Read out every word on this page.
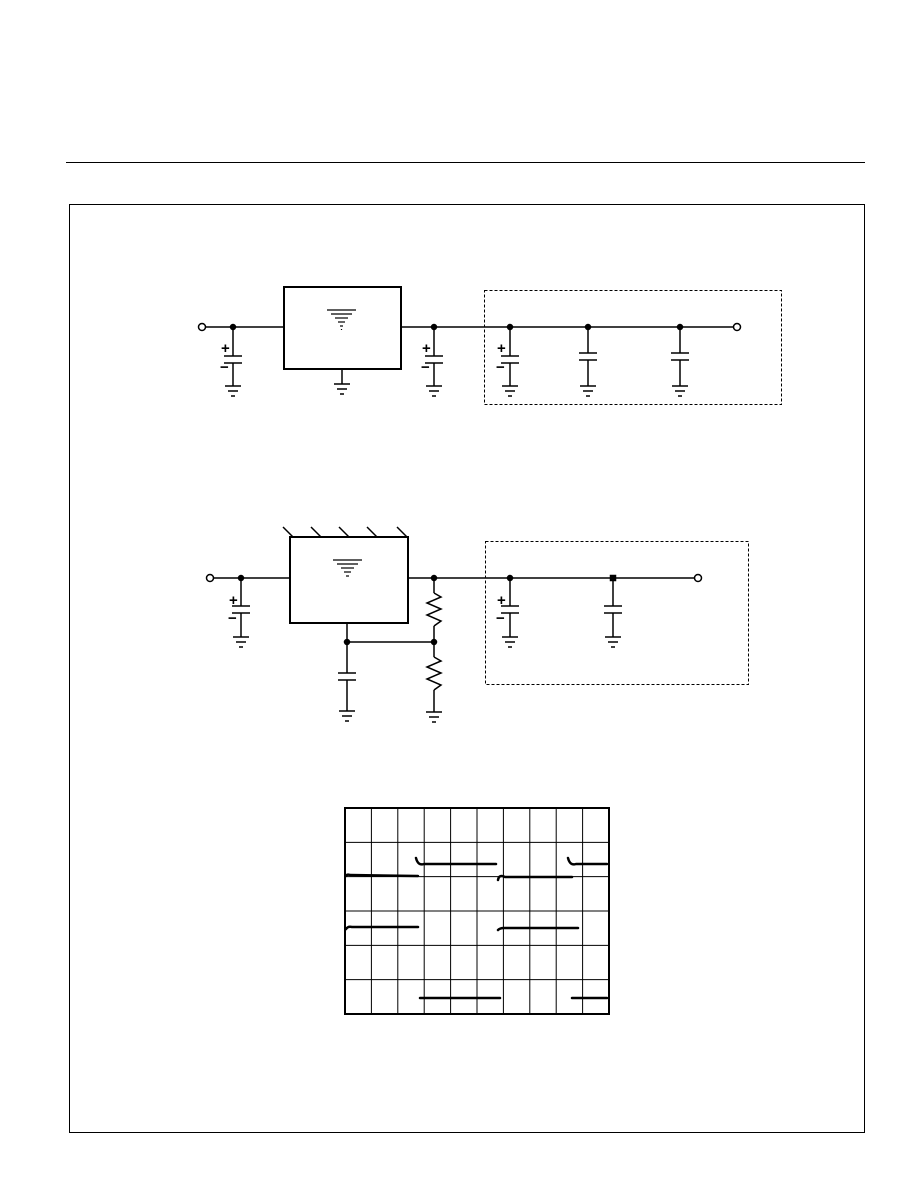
+
−
+
−
+
−
+
−
+
−
